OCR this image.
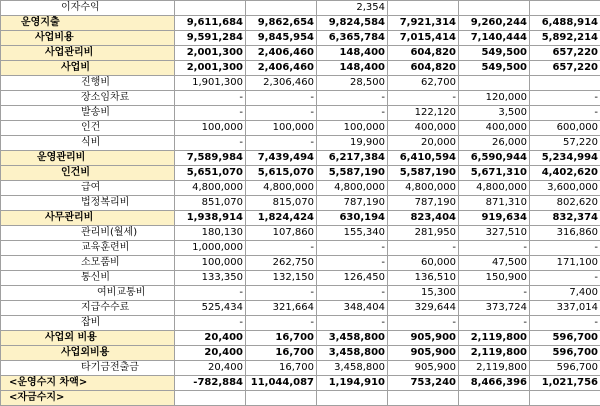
이자수익			2,354			
운영지출	9,611,684	9,862,654	9,824,584	7,921,314	9,260,244	6,488,914
사업비용	9,591,284	9,845,954	6,365,784	7,015,414	7,140,444	5,892,214
사업관리비	2,001,300	2,406,460	148,400	604,820	549,500	657,220
사업비	2,001,300	2,406,460	148,400	604,820	549,500	657,220
진행비	1,901,300	2,306,460	28,500	62,700		
장소임차료	-	-	-	-	120,000	-
발송비	-	-	-	122,120	3,500	-
인건	100,000	100,000	100,000	400,000	400,000	600,000
식비	-	-	19,900	20,000	26,000	57,220
운영관리비	7,589,984	7,439,494	6,217,384	6,410,594	6,590,944	5,234,994
인건비	5,651,070	5,615,070	5,587,190	5,587,190	5,671,310	4,402,620
급여	4,800,000	4,800,000	4,800,000	4,800,000	4,800,000	3,600,000
법정복리비	851,070	815,070	787,190	787,190	871,310	802,620
사무관리비	1,938,914	1,824,424	630,194	823,404	919,634	832,374
관리비(월세)	180,130	107,860	155,340	281,950	327,510	316,860
교육훈련비	1,000,000	-	-	-	-	-
소모품비	100,000	262,750	-	60,000	47,500	171,100
통신비	133,350	132,150	126,450	136,510	150,900	-
여비교통비	-	-	-	15,300	-	7,400
지급수수료	525,434	321,664	348,404	329,644	373,724	337,014
잡비	-	-	-	-	-	-
사업외 비용	20,400	16,700	3,458,800	905,900	2,119,800	596,700
사업외비용	20,400	16,700	3,458,800	905,900	2,119,800	596,700
타기금전출금	20,400	16,700	3,458,800	905,900	2,119,800	596,700
<운영수지 차액>	-782,884	11,044,087	1,194,910	753,240	8,466,396	1,021,756
<자금수지>						
